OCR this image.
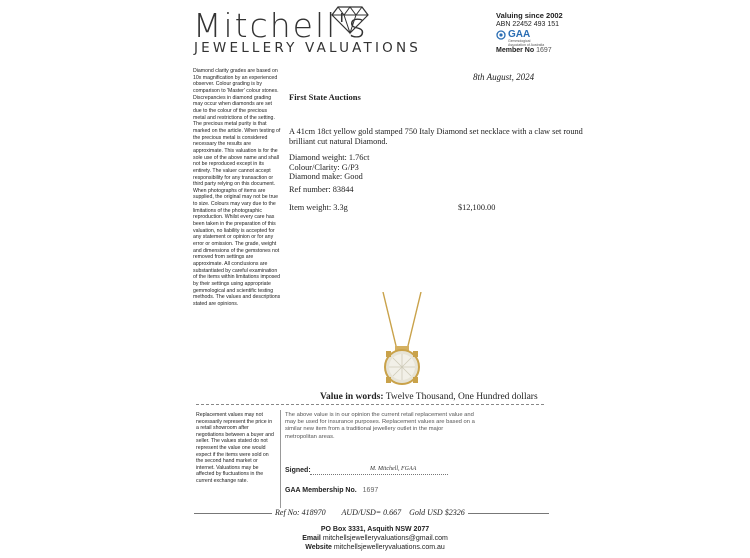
Mitchell's
JEWELLERY VALUATIONS
Valuing since 2002
ABN 22452 493 151
GAA
Gemmological Association of Australia
Member No 1697
Diamond clarity grades are based on 10x magnification by an experienced observer. Colour grading is by comparison to 'Master' colour stones. Discrepancies in diamond grading may occur when diamonds are set due to the colour of the precious metal and restrictions of the setting. The precious metal purity is that marked on the article. When testing of the precious metal is considered necessary the results are approximate. This valuation is for the sole use of the above name and shall not be reproduced except in its entirety. The valuer cannot accept responsibility for any transaction or third party relying on this document. When photographs of items are supplied, the original may not be true to size. Colours may vary due to the limitations of the photographic reproduction. Whilst every care has been taken in the preparation of this valuation, no liability is accepted for any statement or opinion or for any error or omission. The grade, weight and dimensions of the gemstones not removed from settings are approximate. All conclusions are substantiated by careful examination of the items within limitations imposed by their settings using appropriate gemmological and scientific testing methods. The values and descriptions stated are opinions.
8th August, 2024
First State Auctions
A 41cm 18ct yellow gold stamped 750 Italy Diamond set necklace with a claw set round brilliant cut natural Diamond.
Diamond weight: 1.76ct
Colour/Clarity: G/P3
Diamond make: Good
Ref number: 83844
Item weight: 3.3g	$12,100.00
Value in words: Twelve Thousand, One Hundred dollars
Replacement values may not necessarily represent the price in a retail showroom after negotiations between a buyer and seller. The values stated do not represent the value one would expect if the items were sold on the second hand market or internet. Valuations may be affected by fluctuations in the current exchange rate.
The above value is in our opinion the current retail replacement value and may be used for insurance purposes. Replacement values are based on a similar new item from a traditional jewellery outlet in the major metropolitan areas.
Signed:	M. Mitchell, FGAA
GAA Membership No. 1697
Ref No: 418970        AUD/USD= 0.667    Gold USD $2326
PO Box 3331, Asquith NSW 2077
Email mitchellsjewelleryvaluations@gmail.com
Website mitchellsjewelleryvaluations.com.au
